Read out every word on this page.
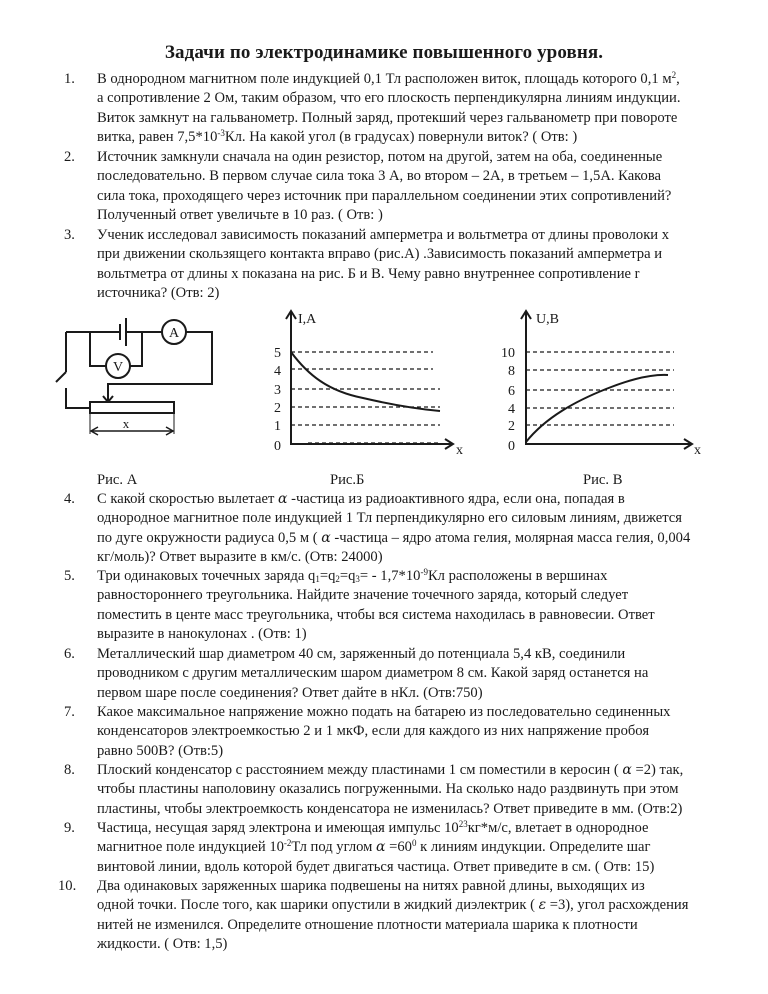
Задачи по электродинамике повышенного уровня.
1.	В однородном магнитном поле индукцией 0,1 Тл расположен виток, площадь которого 0,1 $м^2$,
а сопротивление 2 Ом, таким образом, что его плоскость перпендикулярна линиям индукции.
Виток замкнут на гальванометр. Полный заряд, протекший через гальванометр при повороте
витка, равен $7,5*10^{-3}Кл$. На какой угол (в градусах) повернули виток? ( Отв: )
2.	Источник замкнули сначала на один резистор, потом на другой, затем на оба, соединенные
последовательно. В первом случае сила тока 3 А, во втором – 2А, в третьем – 1,5А. Какова
сила тока, проходящего через источник при параллельном соединении этих сопротивлений?
Полученный ответ увеличьте в 10 раз. ( Отв: )
3.	Ученик исследовал зависимость показаний амперметра и вольтметра от длины проволоки х
при движении скользящего контакта вправо (рис.А) .Зависимость показаний амперметра и
вольтметра от длины х показана на рис. Б и В. Чему равно внутреннее сопротивление r
источника? (Отв: 2)
A
V
x
I,A
x
5
4
3
2
1
0
U,B
x
10
8
6
4
2
0
Рис. А	Рис.Б	Рис. В
4.	С какой скоростью вылетает α -частица из радиоактивного ядра, если она, попадая в
однородное магнитное поле индукцией 1 Тл перпендикулярно его силовым линиям, движется
по дуге окружности радиуса 0,5 м ( α -частица – ядро атома гелия, молярная масса гелия, 0,004
кг/моль)? Ответ выразите в км/с. (Отв: 24000)
5.	Три одинаковых точечных заряда $q_1=q_2=q_3= - 1,7*10^{-9}Кл$ расположены в вершинах
равностороннего треугольника. Найдите значение точечного заряда, который следует
поместить в центе масс треугольника, чтобы вся система находилась в равновесии. Ответ
выразите в нанокулонах . (Отв: 1)
6.	Металлический шар диаметром 40 см, заряженный до потенциала 5,4 кВ, соединили
проводником с другим металлическим шаром диаметром 8 см. Какой заряд останется на
первом шаре после соединения? Ответ дайте в нКл. (Отв:750)
7.	Какое максимальное напряжение можно подать на батарею из последовательно сединенных
конденсаторов электроемкостью 2 и 1 мкФ, если для каждого из них напряжение пробоя
равно 500В? (Отв:5)
8.	Плоский конденсатор с расстоянием между пластинами 1 см поместили в керосин ( α =2) так,
чтобы пластины наполовину оказались погруженными. На сколько надо раздвинуть при этом
пластины, чтобы электроемкость конденсатора не изменилась? Ответ приведите в мм. (Отв:2)
9.	Частица, несущая заряд электрона и имеющая импульс $10^{23}кг*м/с$, влетает в однородное
магнитное поле индукцией $10^{-2}Тл$ под углом $\alpha =60^0$ к линиям индукции. Определите шаг
винтовой линии, вдоль которой будет двигаться частица. Ответ приведите в см. ( Отв: 15)
10.	Два одинаковых заряженных шарика подвешены на нитях равной длины, выходящих из
одной точки. После того, как шарики опустили в жидкий диэлектрик ( ε =3), угол расхождения
нитей не изменился. Определите отношение плотности материала шарика к плотности
жидкости. ( Отв: 1,5)
